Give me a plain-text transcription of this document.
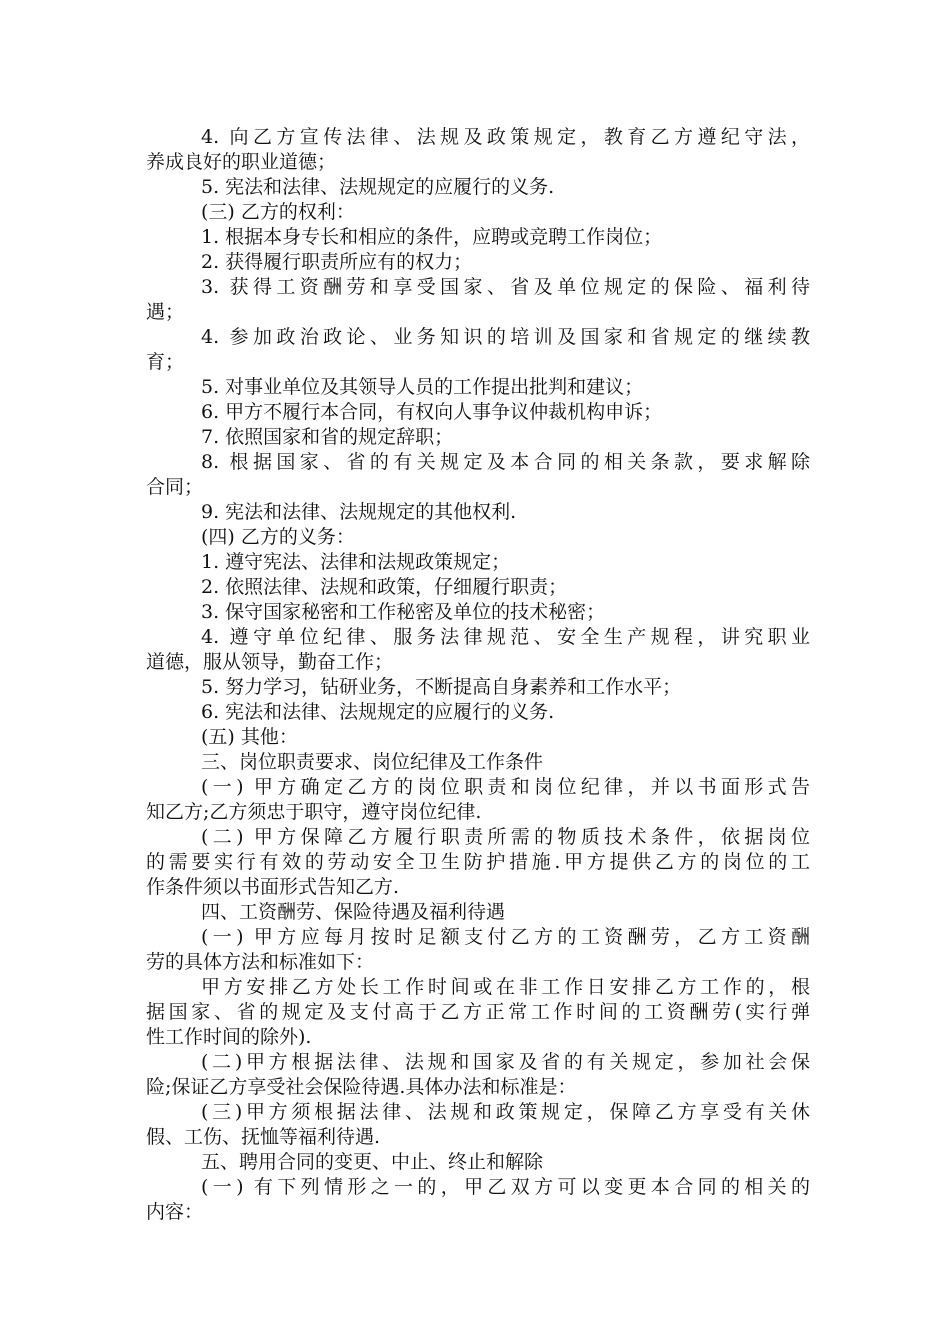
4. 向乙方宣传法律、法规及政策规定，教育乙方遵纪守法，
养成良好的职业道德；
5. 宪法和法律、法规规定的应履行的义务.
(三) 乙方的权利：
1. 根据本身专长和相应的条件，应聘或竞聘工作岗位；
2. 获得履行职责所应有的权力；
3. 获得工资酬劳和享受国家、省及单位规定的保险、福利待
遇；
4. 参加政治政论、业务知识的培训及国家和省规定的继续教
育；
5. 对事业单位及其领导人员的工作提出批判和建议；
6. 甲方不履行本合同，有权向人事争议仲裁机构申诉；
7. 依照国家和省的规定辞职；
8. 根据国家、省的有关规定及本合同的相关条款，要求解除
合同；
9. 宪法和法律、法规规定的其他权利.
(四) 乙方的义务：
1. 遵守宪法、法律和法规政策规定；
2. 依照法律、法规和政策，仔细履行职责；
3. 保守国家秘密和工作秘密及单位的技术秘密；
4. 遵守单位纪律、服务法律规范、安全生产规程，讲究职业
道德，服从领导，勤奋工作；
5. 努力学习，钻研业务，不断提高自身素养和工作水平；
6. 宪法和法律、法规规定的应履行的义务.
(五) 其他：
三、岗位职责要求、岗位纪律及工作条件
(一) 甲方确定乙方的岗位职责和岗位纪律，并以书面形式告
知乙方;乙方须忠于职守，遵守岗位纪律.
(二) 甲方保障乙方履行职责所需的物质技术条件，依据岗位
的需要实行有效的劳动安全卫生防护措施.甲方提供乙方的岗位的工
作条件须以书面形式告知乙方.
四、工资酬劳、保险待遇及福利待遇
(一) 甲方应每月按时足额支付乙方的工资酬劳，乙方工资酬
劳的具体方法和标准如下：
甲方安排乙方处长工作时间或在非工作日安排乙方工作的，根
据国家、省的规定及支付高于乙方正常工作时间的工资酬劳(实行弹
性工作时间的除外).
(二)甲方根据法律、法规和国家及省的有关规定，参加社会保
险;保证乙方享受社会保险待遇.具体办法和标准是：
(三)甲方须根据法律、法规和政策规定，保障乙方享受有关休
假、工伤、抚恤等福利待遇.
五、聘用合同的变更、中止、终止和解除
(一) 有下列情形之一的，甲乙双方可以变更本合同的相关的
内容：
